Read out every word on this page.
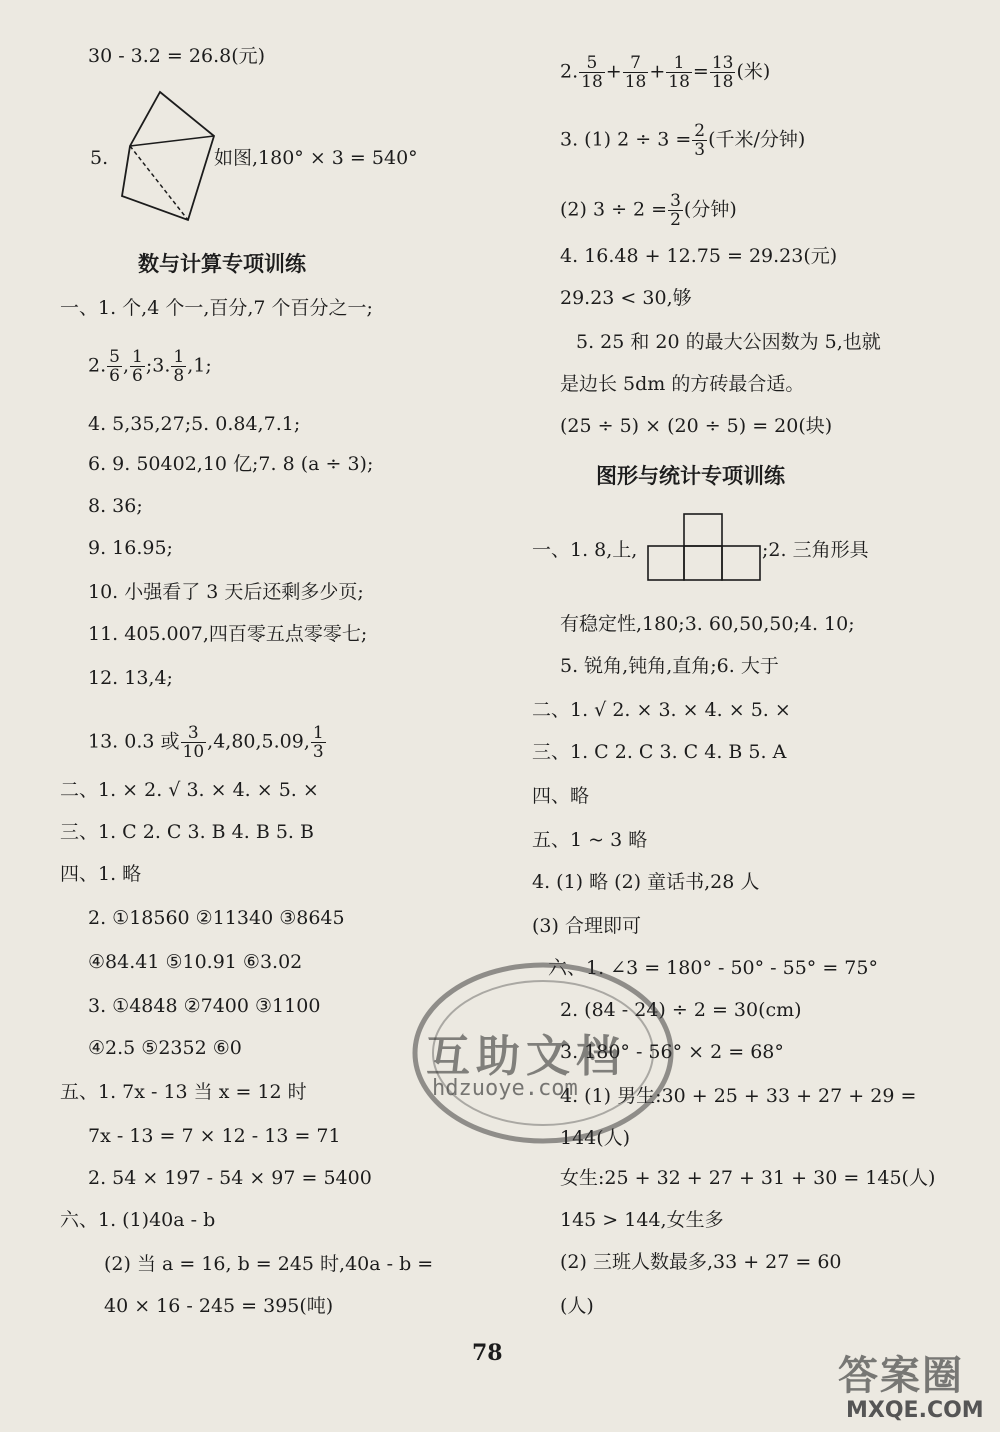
30 - 3.2 = 26.8(元)
5.	如图,180° × 3 = 540°
数与计算专项训练
一、1. 个,4 个一,百分,7 个百分之一;
2. $\frac{5}{6}$ , $\frac{1}{6}$ ;3. $\frac{1}{8} ,1$;
4. 5,35,27;5. 0.84,7.1;
6. 9. 50402,10 亿;7. 8 (a ÷ 3);
8. 36;
9. 16.95;
10. 小强看了 3 天后还剩多少页;
11. 405.007,四百零五点零零七;
12. 13,4;
13. 0.3 或 $\frac{3}{10} ,4,80,5.09$, $\frac{1}{3}$
二、1. × 2. √ 3. × 4. × 5. ×
三、1. C 2. C 3. B 4. B 5. B
四、1. 略
2. ①18560 ②11340 ③8645
④84.41 ⑤10.91 ⑥3.02
3. ①4848 ②7400 ③1100
④2.5 ⑤2352 ⑥0
五、1. 7x - 13 当 x = 12 时
7x - 13 = 7 × 12 - 13 = 71
2. 54 × 197 - 54 × 97 = 5400
六、1. (1)40a - b
(2) 当 a = 16, b = 245 时,40a - b =
40 × 16 - 245 = 395(吨)
2. $\frac{5}{18} + \frac{7}{18} + \frac{1}{18} = \frac{13}{18}$ (米)
3. (1) $2 \div 3 = \frac{2}{3}$ (千米/分钟)
(2) $3 \div 2 = \frac{3}{2}$ (分钟)
4. 16.48 + 12.75 = 29.23(元)
29.23 < 30,够
5. 25 和 20 的最大公因数为 5,也就
是边长 5dm 的方砖最合适。
(25 ÷ 5) × (20 ÷ 5) = 20(块)
图形与统计专项训练
一、1. 8,上,	;2. 三角形具
有稳定性,180;3. 60,50,50;4. 10;
5. 锐角,钝角,直角;6. 大于
二、1. √ 2. × 3. × 4. × 5. ×
三、1. C 2. C 3. C 4. B 5. A
四、略
五、1 ~ 3 略
4. (1) 略 (2) 童话书,28 人
(3) 合理即可
六、1. ∠3 = 180° - 50° - 55° = 75°
2. (84 - 24) ÷ 2 = 30(cm)
3. 180° - 56° × 2 = 68°
4. (1) 男生:30 + 25 + 33 + 27 + 29 =
144(人)
女生:25 + 32 + 27 + 31 + 30 = 145(人)
145 > 144,女生多
(2) 三班人数最多,33 + 27 = 60
(人)
互助文档
hdzuoye.com
78	答案圈
MXQE.COM
